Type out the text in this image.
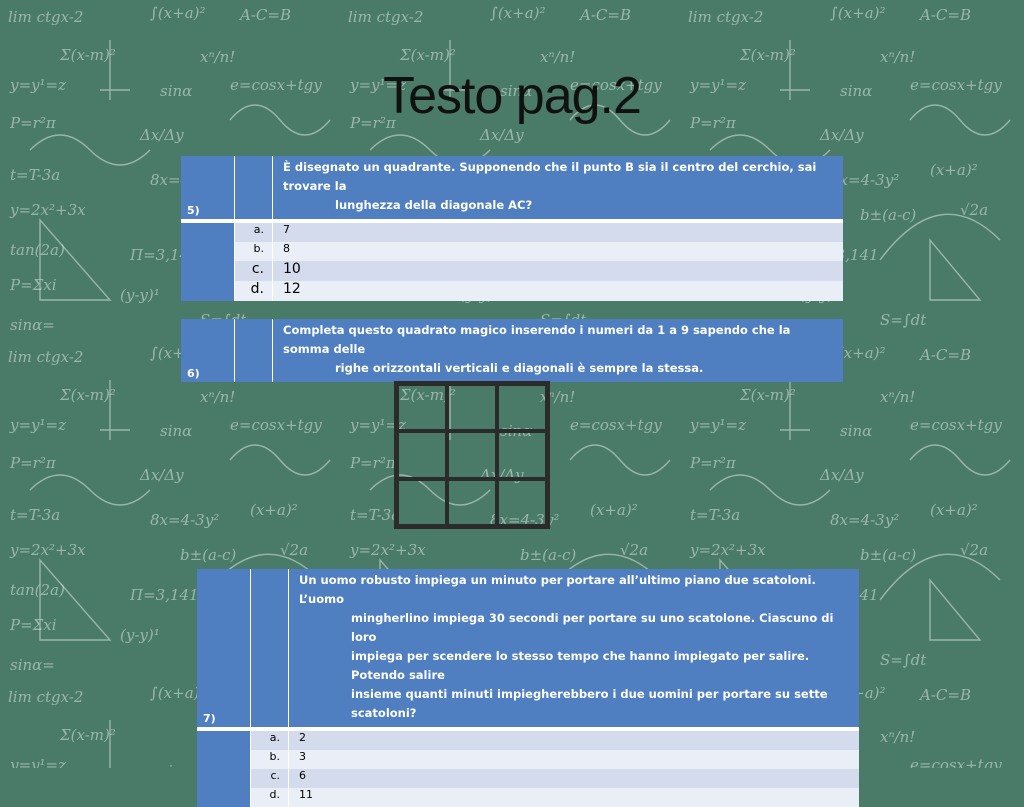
Testo pag.2
5)		È disegnato un quadrante. Supponendo che il punto B sia il centro del cerchio, sai trovare la
lunghezza della diagonale AC?

	a.	7
	b.	8
	c.	10
	d.	12
6)		
Completa questo quadrato magico inserendo i numeri da 1 a 9 sapendo che la somma delle
righe orizzontali verticali e diagonali è sempre la stessa.
7)		Un uomo robusto impiega un minuto per portare all’ultimo piano due scatoloni. L’uomo
mingherlino impiega 30 secondi per portare su uno scatolone. Ciascuno di loro
impiega per scendere lo stesso tempo che hanno impiegato per salire. Potendo salire
insieme quanti minuti impiegherebbero i due uomini per portare su sette scatoloni?

	a.	2
	b.	3
	c.	6
	d.	11
